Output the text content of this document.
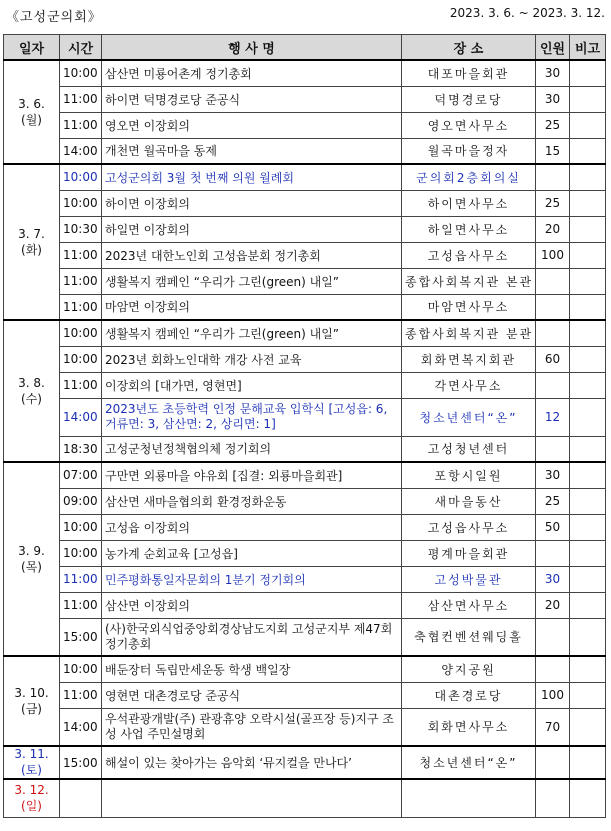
《고성군의회》	2023. 3. 6. ~ 2023. 3. 12.
일자	시간	행 사 명	장 소	인원	비고

3. 6.
(월)	10:00	삼산면 미룡어촌계 정기총회	대포마을회관	30	
	11:00	하이면 덕명경로당 준공식	덕명경로당	30	
	11:00	영오면 이장회의	영오면사무소	25	
	14:00	개천면 월곡마을 동제	월곡마을정자	15	

3. 7.
(화)	10:00	고성군의회 3월 첫 번째 의원 월례회	군의회2층회의실		
	10:00	하이면 이장회의	하이면사무소	25	
	10:30	하일면 이장회의	하일면사무소	20	
	11:00	2023년 대한노인회 고성읍분회 정기총회	고성읍사무소	100	
	11:00	생활복지 캠페인 “우리가 그린(green) 내일”	종합사회복지관 본관		
	11:00	마암면 이장회의	마암면사무소		

3. 8.
(수)	10:00	생활복지 캠페인 “우리가 그린(green) 내일”	종합사회복지관 분관		
	10:00	2023년 회화노인대학 개강 사전 교육	회화면복지회관	60	
	11:00	이장회의 [대가면, 영현면]	각면사무소		
	14:00	2023년도 초등학력 인정 문해교육 입학식 [고성읍: 6, 거류면: 3, 삼산면: 2, 상리면: 1]	청소년센터“온”	12	
	18:30	고성군청년정책협의체 정기회의	고성청년센터		

3. 9.
(목)	07:00	구만면 외룡마을 야유회 [집결: 외룡마을회관]	포항시일원	30	
	09:00	삼산면 새마을협의회 환경정화운동	새마을동산	25	
	10:00	고성읍 이장회의	고성읍사무소	50	
	10:00	농가계 순회교육 [고성읍]	평계마을회관		
	11:00	민주평화통일자문회의 1분기 정기회의	고성박물관	30	
	11:00	삼산면 이장회의	삼산면사무소	20	
	15:00	(사)한국외식업중앙회경상남도지회 고성군지부 제47회 정기총회	축협컨벤션웨딩홀		

3. 10.
(금)	10:00	배둔장터 독립만세운동 학생 백일장	양지공원		
	11:00	영현면 대촌경로당 준공식	대촌경로당	100	
	14:00	우석관광개발(주) 관광휴양 오락시설(골프장 등)지구 조성 사업 주민설명회	회화면사무소	70	

3. 11.
(토)	15:00	해설이 있는 찾아가는 음악회 ‘뮤지컬을 만나다’	청소년센터“온”		

3. 12.
(일)					
